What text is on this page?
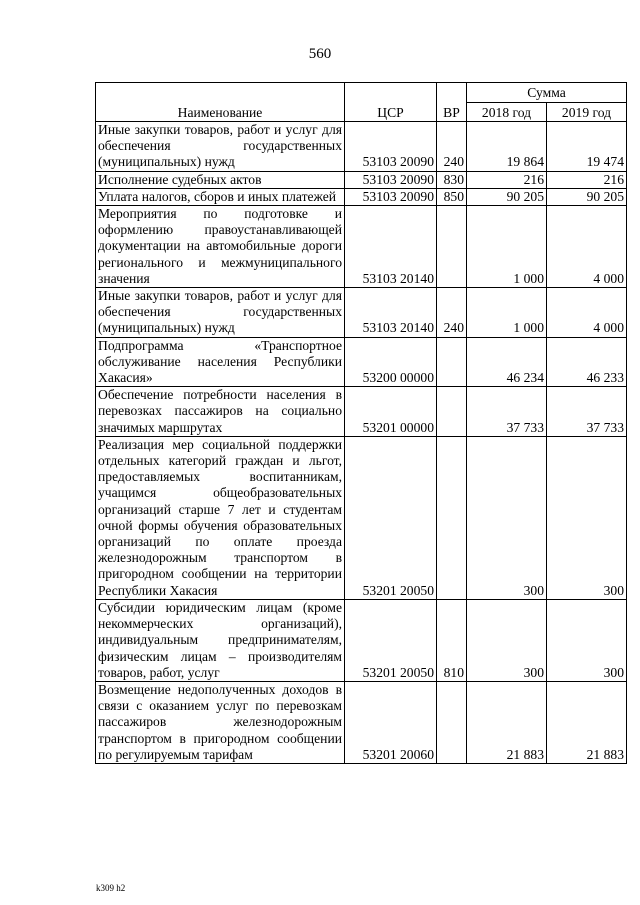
560
Наименование	ЦСР	ВР	Сумма	
			2018 год	2019 год
Иные закупки товаров, работ и услуг для обеспечения государственных (муниципальных) нужд	53103 20090	240	19 864	19 474
Исполнение судебных актов	53103 20090	830	216	216
Уплата налогов, сборов и иных платежей	53103 20090	850	90 205	90 205
Мероприятия по подготовке и оформлению правоустанавливающей документации на автомобильные дороги регионального и межмуниципального значения	53103 20140		1 000	4 000
Иные закупки товаров, работ и услуг для обеспечения государственных (муниципальных) нужд	53103 20140	240	1 000	4 000
Подпрограмма «Транспортное обслуживание населения Республики Хакасия»	53200 00000		46 234	46 233
Обеспечение потребности населения в перевозках пассажиров на социально значимых маршрутах	53201 00000		37 733	37 733
Реализация мер социальной поддержки отдельных категорий граждан и льгот, предоставляемых воспитанникам, учащимся общеобразовательных организаций старше 7 лет и студентам очной формы обучения образовательных организаций по оплате проезда железнодорожным транспортом в пригородном сообщении на территории Республики Хакасия	53201 20050		300	300
Субсидии юридическим лицам (кроме некоммерческих организаций), индивидуальным предпринимателям, физическим лицам – производителям товаров, работ, услуг	53201 20050	810	300	300
Возмещение недополученных доходов в связи с оказанием услуг по перевозкам пассажиров железнодорожным транспортом в пригородном сообщении по регулируемым тарифам	53201 20060		21 883	21 883
k309 h2
